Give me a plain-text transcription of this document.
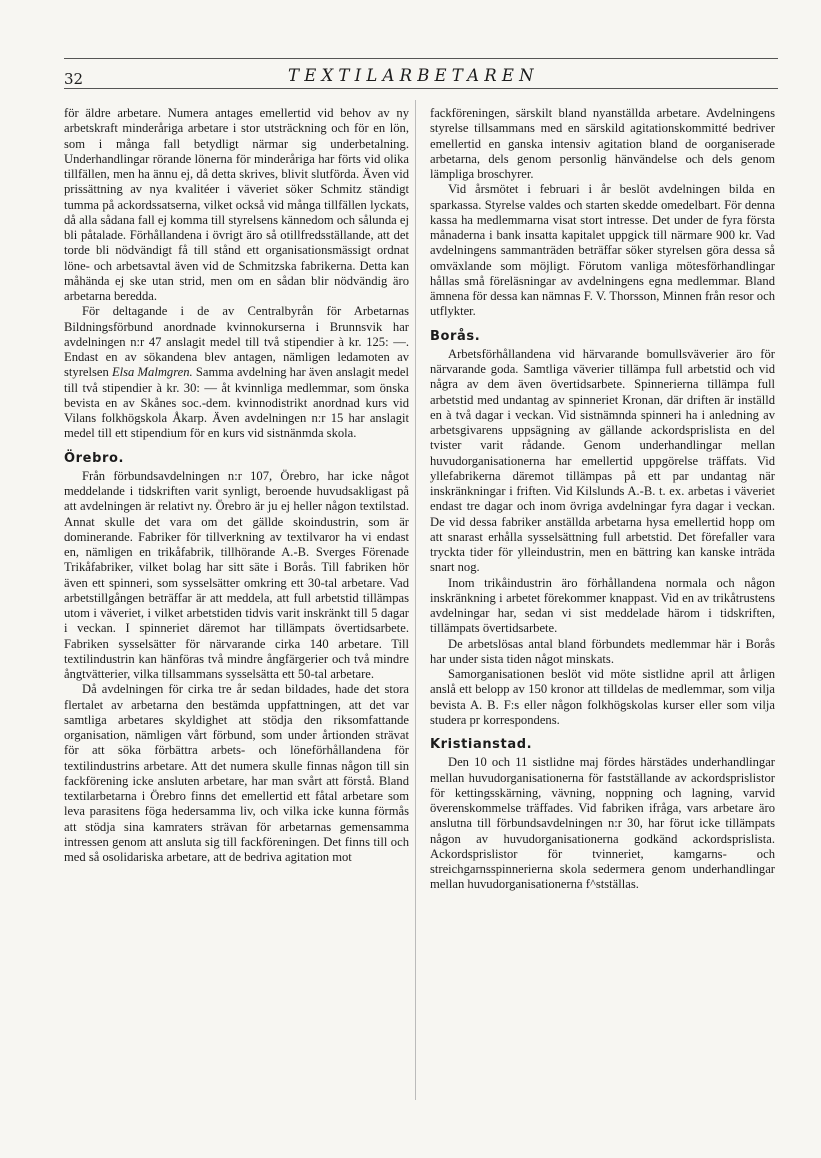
32	TEXTILARBETAREN

för äldre arbetare. Numera antages emellertid vid behov av ny arbetskraft minderåriga arbetare i stor utsträckning och för en lön, som i många fall betydligt närmar sig underbetalning. Underhandlingar rörande lönerna för minderåriga har förts vid olika tillfällen, men ha ännu ej, då detta skrives, blivit slutförda. Även vid prissättning av nya kvalitéer i väveriet söker Schmitz ständigt tumma på ackordssatserna, vilket också vid många tillfällen lyckats, då alla sådana fall ej komma till styrelsens kännedom och sålunda ej bli påtalade. Förhållandena i övrigt äro så otillfredsställande, att det torde bli nödvändigt få till stånd ett organisationsmässigt ordnat löne- och arbetsavtal även vid de Schmitzska fabrikerna. Detta kan måhända ej ske utan strid, men om en sådan blir nödvändig äro arbetarna beredda.

För deltagande i de av Centralbyrån för Arbetarnas Bildningsförbund anordnade kvinnokurserna i Brunnsvik har avdelningen n:r 47 anslagit medel till två stipendier à kr. 125: —. Endast en av sökandena blev antagen, nämligen ledamoten av styrelsen Elsa Malmgren. Samma avdelning har även anslagit medel till två stipendier à kr. 30: — åt kvinnliga medlemmar, som önska bevista en av Skånes soc.-dem. kvinnodistrikt anordnad kurs vid Vilans folkhögskola Åkarp. Även avdelningen n:r 15 har anslagit medel till ett stipendium för en kurs vid sistnänmda skola.

Örebro.

Från förbundsavdelningen n:r 107, Örebro, har icke något meddelande i tidskriften varit synligt, beroende huvudsakligast på att avdelningen är relativt ny. Örebro är ju ej heller någon textilstad. Annat skulle det vara om det gällde skoindustrin, som är dominerande. Fabriker för tillverkning av textilvaror ha vi endast en, nämligen en trikåfabrik, tillhörande A.-B. Sverges Förenade Trikåfabriker, vilket bolag har sitt säte i Borås. Till fabriken hör även ett spinneri, som sysselsätter omkring ett 30-tal arbetare. Vad arbetstillgången beträffar är att meddela, att full arbetstid tillämpas utom i väveriet, i vilket arbetstiden tidvis varit inskränkt till 5 dagar i veckan. I spinneriet däremot har tillämpats övertidsarbete. Fabriken sysselsätter för närvarande cirka 140 arbetare. Till textilindustrin kan hänföras två mindre ångfärgerier och två mindre ångtvätterier, vilka tillsammans sysselsätta ett 50-tal arbetare.

Då avdelningen för cirka tre år sedan bildades, hade det stora flertalet av arbetarna den bestämda uppfattningen, att det var samtliga arbetares skyldighet att stödja den riksomfattande organisation, nämligen vårt förbund, som under årtionden strävat för att söka förbättra arbets- och löneförhållandena för textilindustrins arbetare. Att det numera skulle finnas någon till sin fackförening icke ansluten arbetare, har man svårt att förstå. Bland textilarbetarna i Örebro finns det emellertid ett fåtal arbetare som leva parasitens föga hedersamma liv, och vilka icke kunna förmås att stödja sina kamraters strävan för arbetarnas gemensamma intressen genom att ansluta sig till fackföreningen. Det finns till och med så osolidariska arbetare, att de bedriva agitation mot

fackföreningen, särskilt bland nyanställda arbetare. Avdelningens styrelse tillsammans med en särskild agitationskommitté bedriver emellertid en ganska intensiv agitation bland de oorganiserade arbetarna, dels genom personlig hänvändelse och dels genom lämpliga broschyrer.

Vid årsmötet i februari i år beslöt avdelningen bilda en sparkassa. Styrelse valdes och starten skedde omedelbart. För denna kassa ha medlemmarna visat stort intresse. Det under de fyra första månaderna i bank insatta kapitalet uppgick till närmare 900 kr. Vad avdelningens sammanträden beträffar söker styrelsen göra dessa så omväxlande som möjligt. Förutom vanliga mötesförhandlingar hållas små föreläsningar av avdelningens egna medlemmar. Bland ämnena för dessa kan nämnas F. V. Thorsson, Minnen från resor och utflykter.

Borås.

Arbetsförhållandena vid härvarande bomullsväverier äro för närvarande goda. Samtliga väverier tillämpa full arbetstid och vid några av dem även övertidsarbete. Spinnerierna tillämpa full arbetstid med undantag av spinneriet Kronan, där driften är inställd en à två dagar i veckan. Vid sistnämnda spinneri ha i anledning av arbetsgivarens uppsägning av gällande ackordsprislista en del tvister varit rådande. Genom underhandlingar mellan huvudorganisationerna har emellertid uppgörelse träffats. Vid yllefabrikerna däremot tillämpas på ett par undantag när inskränkningar i friften. Vid Kilslunds A.-B. t. ex. arbetas i väveriet endast tre dagar och inom övriga avdelningar fyra dagar i veckan. De vid dessa fabriker anställda arbetarna hysa emellertid hopp om att snarast erhålla sysselsättning full arbetstid. Det förefaller vara tryckta tider för ylleindustrin, men en bättring kan kanske inträda snart nog.

Inom trikåindustrin äro förhållandena normala och någon inskränkning i arbetet förekommer knappast. Vid en av trikåtrustens avdelningar har, sedan vi sist meddelade härom i tidskriften, tillämpats övertidsarbete.

De arbetslösas antal bland förbundets medlemmar här i Borås har under sista tiden något minskats.

Samorganisationen beslöt vid möte sistlidne april att årligen anslå ett belopp av 150 kronor att tilldelas de medlemmar, som vilja bevista A. B. F:s eller någon folkhögskolas kurser eller som vilja studera pr korrespondens.

Kristianstad.

Den 10 och 11 sistlidne maj fördes härstädes underhandlingar mellan huvudorganisationerna för fastställande av ackordsprislistor för kettingsskärning, vävning, noppning och lagning, varvid överenskommelse träffades. Vid fabriken ifråga, vars arbetare äro anslutna till förbundsavdelningen n:r 30, har förut icke tillämpats någon av huvudorganisationerna godkänd ackordsprislista. Ackordsprislistor för tvinneriet, kamgarns- och streichgarnsspinnerierna skola sedermera genom underhandlingar mellan huvudorganisationerna f^stställas.
